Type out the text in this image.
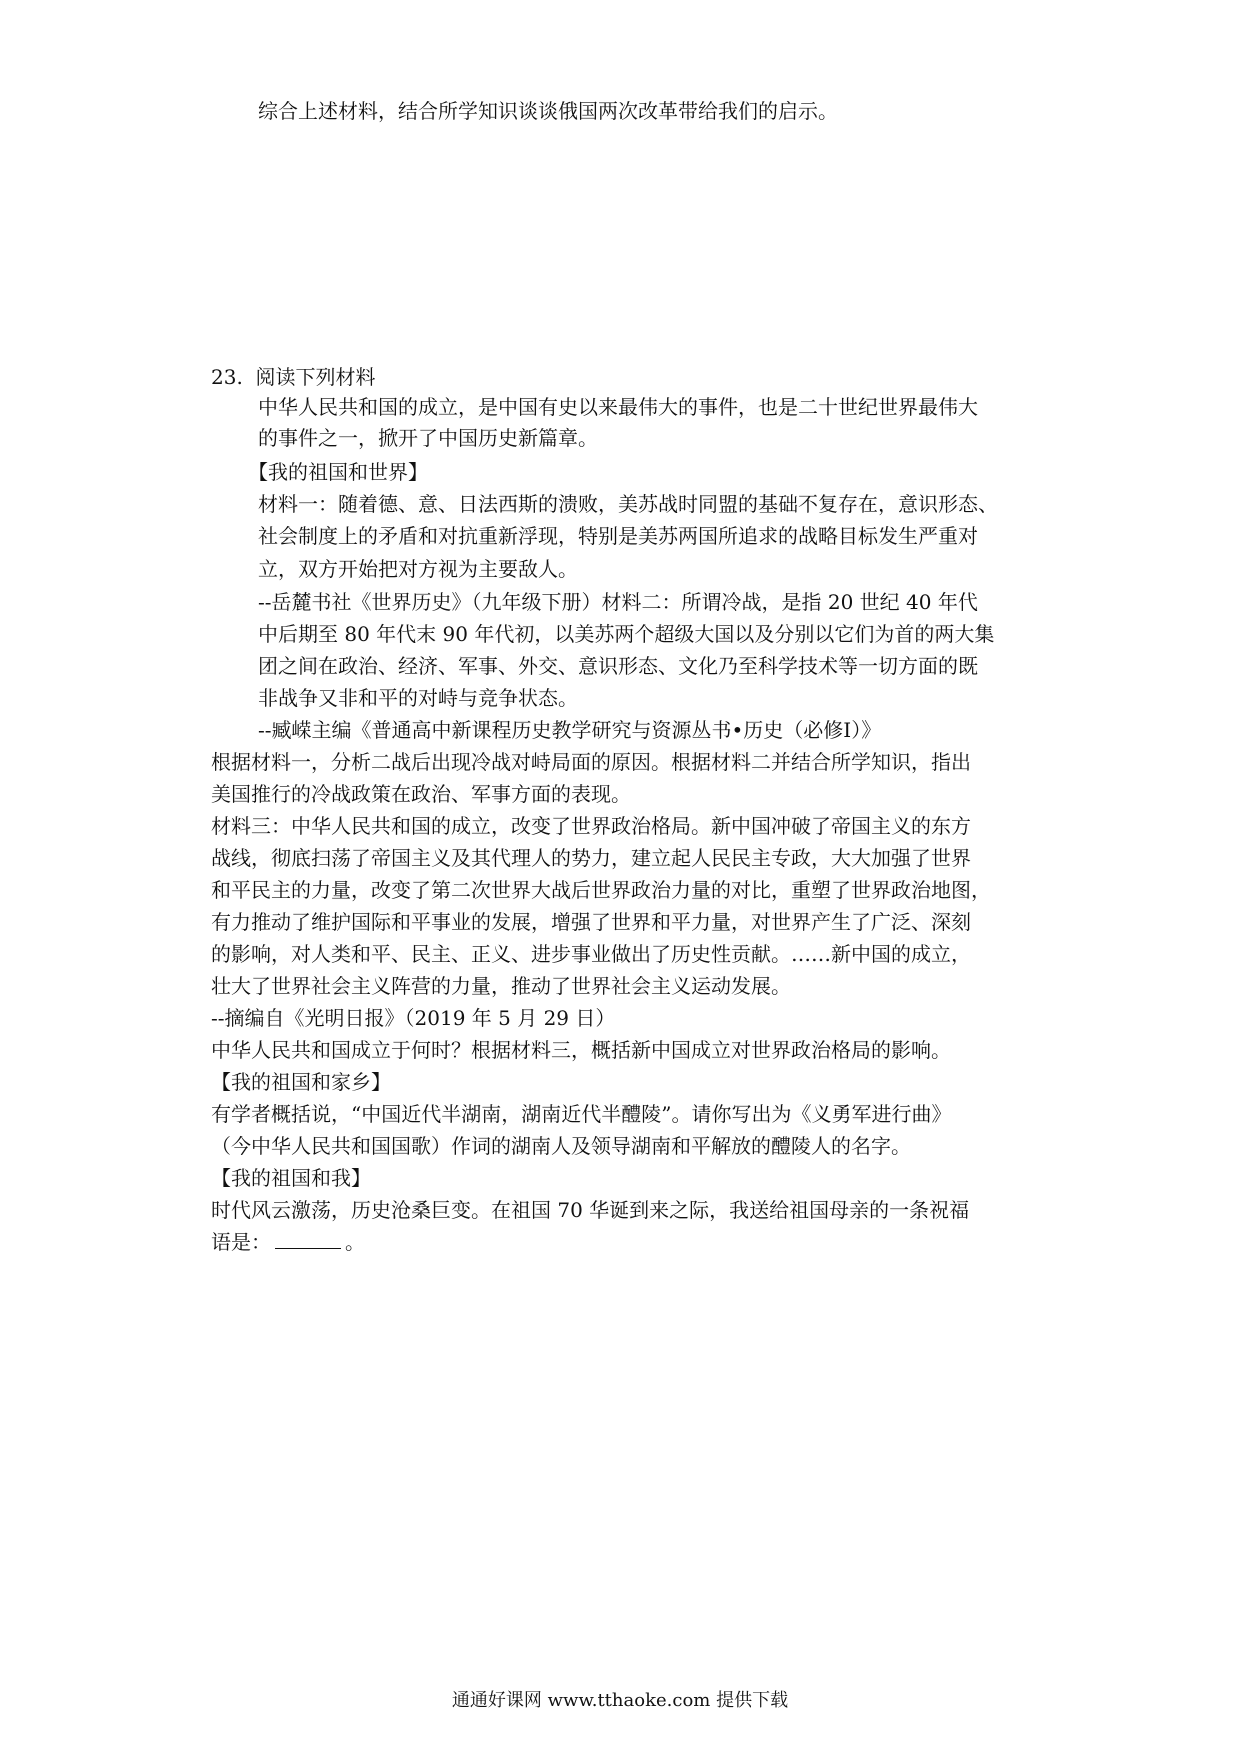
综合上述材料，结合所学知识谈谈俄国两次改革带给我们的启示。
23. 阅读下列材料
中华人民共和国的成立，是中国有史以来最伟大的事件，也是二十世纪世界最伟大
的事件之一，掀开了中国历史新篇章。
【我的祖国和世界】
材料一：随着德、意、日法西斯的溃败，美苏战时同盟的基础不复存在，意识形态、
社会制度上的矛盾和对抗重新浮现，特别是美苏两国所追求的战略目标发生严重对
立，双方开始把对方视为主要敌人。
--岳麓书社《世界历史》（九年级下册）材料二：所谓冷战，是指 20 世纪 40 年代
中后期至 80 年代末 90 年代初，以美苏两个超级大国以及分别以它们为首的两大集
团之间在政治、经济、军事、外交、意识形态、文化乃至科学技术等一切方面的既
非战争又非和平的对峙与竞争状态。
--臧嵘主编《普通高中新课程历史教学研究与资源丛书•历史（必修Ⅰ）》
根据材料一，分析二战后出现冷战对峙局面的原因。根据材料二并结合所学知识，指出
美国推行的冷战政策在政治、军事方面的表现。
材料三：中华人民共和国的成立，改变了世界政治格局。新中国冲破了帝国主义的东方
战线，彻底扫荡了帝国主义及其代理人的势力，建立起人民民主专政，大大加强了世界
和平民主的力量，改变了第二次世界大战后世界政治力量的对比，重塑了世界政治地图，
有力推动了维护国际和平事业的发展，增强了世界和平力量，对世界产生了广泛、深刻
的影响，对人类和平、民主、正义、进步事业做出了历史性贡献。……新中国的成立，
壮大了世界社会主义阵营的力量，推动了世界社会主义运动发展。
--摘编自《光明日报》（2019 年 5 月 29 日）
中华人民共和国成立于何时？根据材料三，概括新中国成立对世界政治格局的影响。
【我的祖国和家乡】
有学者概括说，“中国近代半湖南，湖南近代半醴陵”。请你写出为《义勇军进行曲》
（今中华人民共和国国歌）作词的湖南人及领导湖南和平解放的醴陵人的名字。
【我的祖国和我】
时代风云激荡，历史沧桑巨变。在祖国 70 华诞到来之际，我送给祖国母亲的一条祝福
语是：	。
通通好课网 www.tthaoke.com 提供下载
